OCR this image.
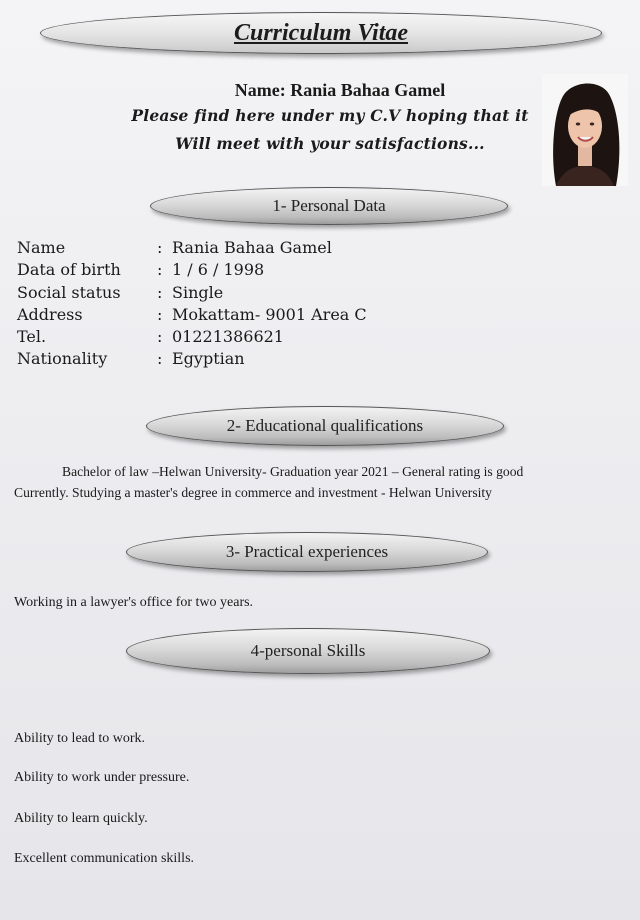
Curriculum Vitae
Name: Rania Bahaa Gamel
Please find here under my C.V hoping that it
Will meet with your satisfactions...
1- Personal Data
Name	: Rania Bahaa Gamel
Data of birth : 1 / 6 / 1998
Social status : Single
Address	: Mokattam- 9001 Area C
Tel.	: 01221386621
Nationality	: Egyptian
2- Educational qualifications
Bachelor of law –Helwan University- Graduation year 2021 – General rating is good
Currently. Studying a master's degree in commerce and investment - Helwan University
3- Practical experiences
Working in a lawyer's office for two years.
4-personal Skills
Ability to lead to work.
Ability to work under pressure.
Ability to learn quickly.
Excellent communication skills.
